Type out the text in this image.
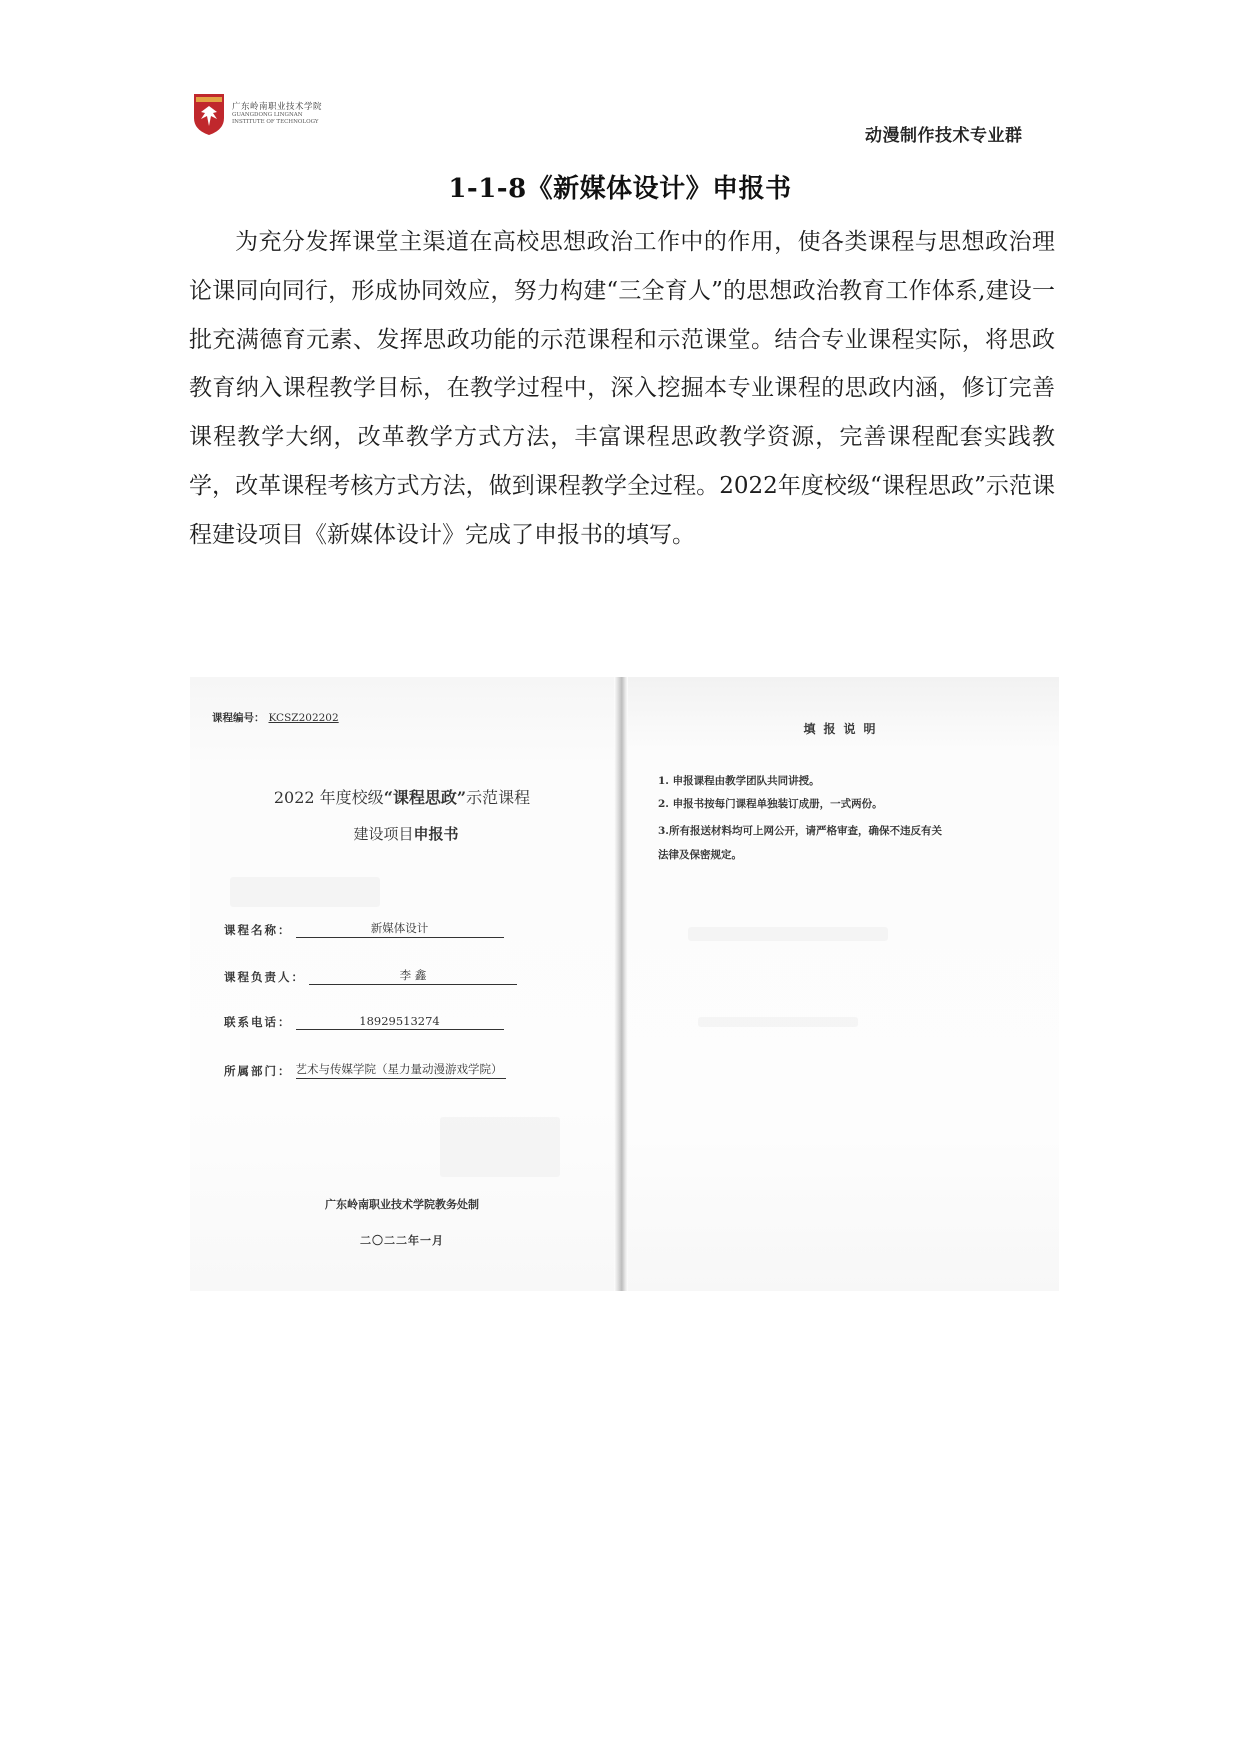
广东岭南职业技术学院
GUANGDONG LINGNAN
INSTITUTE OF TECHNOLOGY
动漫制作技术专业群
1-1-8《新媒体设计》申报书

为充分发挥课堂主渠道在高校思想政治工作中的作用，使各类课程与思想政治理论课同向同行，形成协同效应，努力构建“三全育人”的思想政治教育工作体系,建设一批充满德育元素、发挥思政功能的示范课程和示范课堂。结合专业课程实际，将思政教育纳入课程教学目标，在教学过程中，深入挖掘本专业课程的思政内涵，修订完善课程教学大纲，改革教学方式方法，丰富课程思政教学资源，完善课程配套实践教学，改革课程考核方式方法，做到课程教学全过程。2022年度校级“课程思政”示范课程建设项目《新媒体设计》完成了申报书的填写。

课程编号： KCSZ202202
2022 年度校级“课程思政”示范课程
建设项目申报书
课程名称：	新媒体设计
课程负责人：	李 鑫
联系电话：	18929513274
所属部门： 艺术与传媒学院（星力量动漫游戏学院）
广东岭南职业技术学院教务处制
二〇二二年一月
填报说明
1. 申报课程由教学团队共同讲授。
2. 申报书按每门课程单独装订成册，一式两份。
3.所有报送材料均可上网公开，请严格审查，确保不违反有关法律及保密规定。
